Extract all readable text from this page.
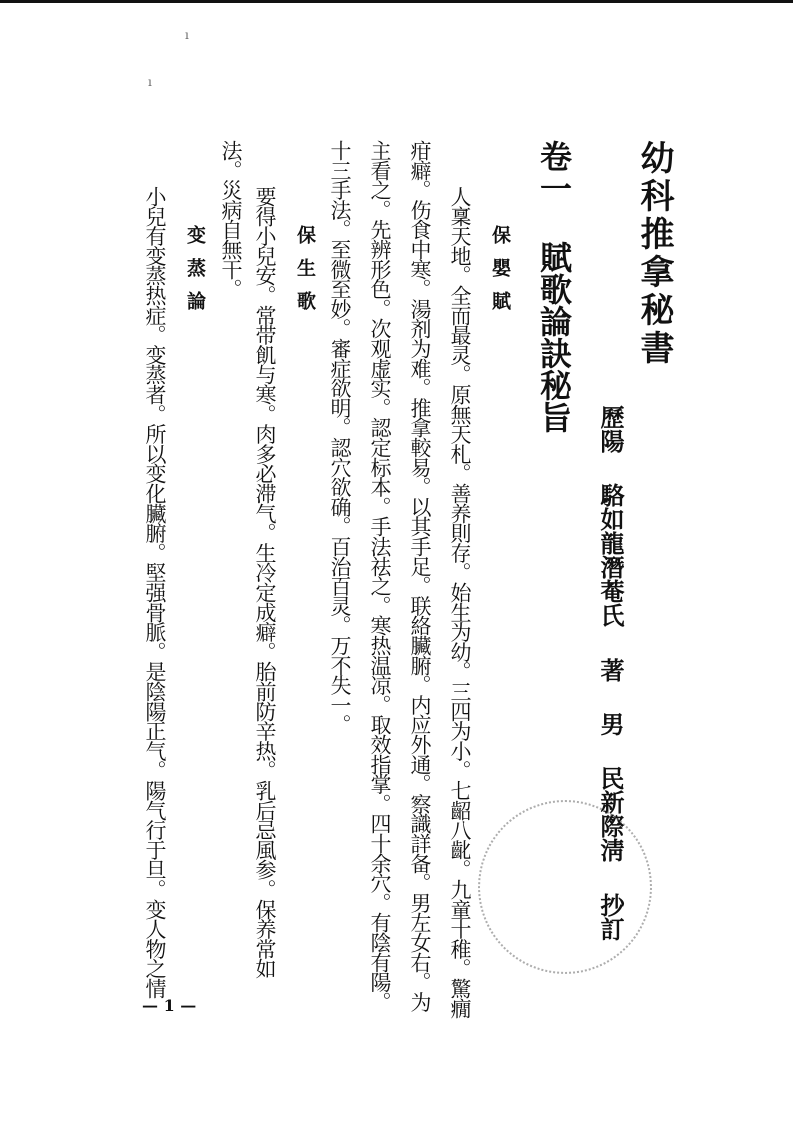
ı
ı
幼科推拿秘書
歷陽 駱如龍潛菴氏 著 男 民新際淸 抄訂
卷一 賦歌論訣秘旨
保嬰賦
人稟天地。全而最灵。原無天札。善养則存。始生为幼。三四为小。七齠八齔。九童十稚。驚癇
疳癖。伤食中寒。湯剂为难。推拿較易。以其手足。联絡臟腑。内应外通。察識詳备。男左女右。为
主看之。先辨形色。次观虚实。認定标本。手法祛之。寒热温凉。取效指掌。四十余穴。有陰有陽。
十三手法。至微至妙。審症欲明。認穴欲确。百治百灵。万不失一。
保生歌
要得小兒安。常带飢与寒。肉多必滞气。生冷定成癖。胎前防辛热。乳后忌風参。保养常如
法。災病自無干。
变蒸論
小兒有变蒸热症。变蒸者。所以变化臟腑。堅强骨脈。是陰陽正气。陽气行于旦。变人物之情
— 1 —
